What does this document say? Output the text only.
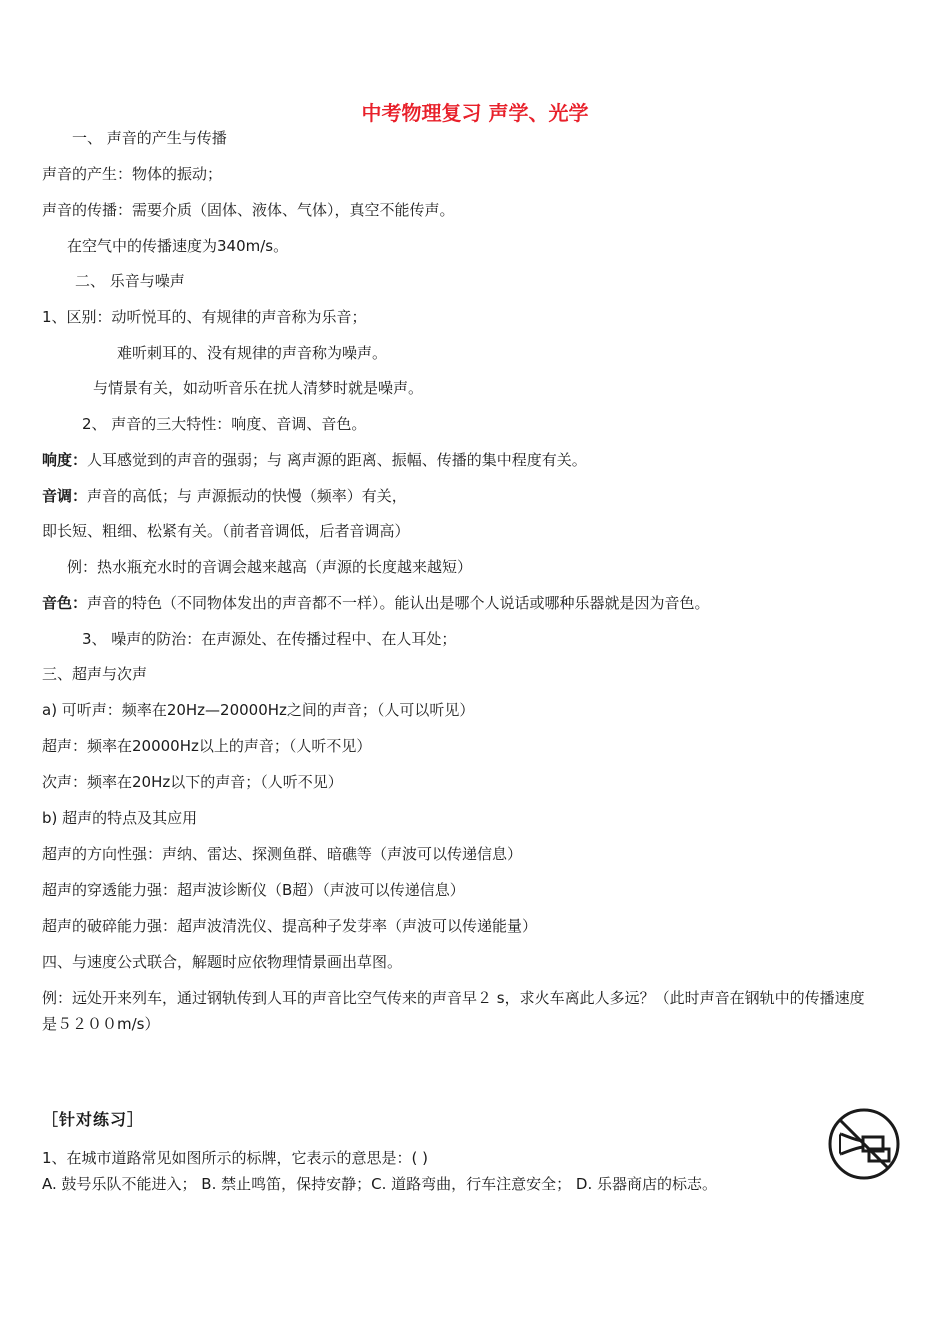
中考物理复习 声学、光学
一、 声音的产生与传播
声音的产生：物体的振动；
声音的传播：需要介质（固体、液体、气体），真空不能传声。
在空气中的传播速度为340m/s。
二、 乐音与噪声
1、区别：动听悦耳的、有规律的声音称为乐音；
难听刺耳的、没有规律的声音称为噪声。
与情景有关，如动听音乐在扰人清梦时就是噪声。
2、 声音的三大特性：响度、音调、音色。
响度：人耳感觉到的声音的强弱；与 离声源的距离、振幅、传播的集中程度有关。
音调：声音的高低；与 声源振动的快慢（频率）有关，
即长短、粗细、松紧有关。（前者音调低，后者音调高）
例：热水瓶充水时的音调会越来越高（声源的长度越来越短）
音色：声音的特色（不同物体发出的声音都不一样）。能认出是哪个人说话或哪种乐器就是因为音色。
3、 噪声的防治：在声源处、在传播过程中、在人耳处；
三、超声与次声
a) 可听声：频率在20Hz—20000Hz之间的声音；（人可以听见）
超声：频率在20000Hz以上的声音；（人听不见）
次声：频率在20Hz以下的声音；（人听不见）
b) 超声的特点及其应用
超声的方向性强：声纳、雷达、探测鱼群、暗礁等（声波可以传递信息）
超声的穿透能力强：超声波诊断仪（B超）（声波可以传递信息）
超声的破碎能力强：超声波清洗仪、提高种子发芽率（声波可以传递能量）
四、与速度公式联合，解题时应依物理情景画出草图。
例：远处开来列车，通过钢轨传到人耳的声音比空气传来的声音早２ s，求火车离此人多远？（此时声音在钢轨中的传播速度是５２００m/s）
［针对练习］
1、在城市道路常见如图所示的标牌，它表示的意思是：( )
A. 鼓号乐队不能进入； B. 禁止鸣笛，保持安静；C. 道路弯曲，行车注意安全； D. 乐器商店的标志。
